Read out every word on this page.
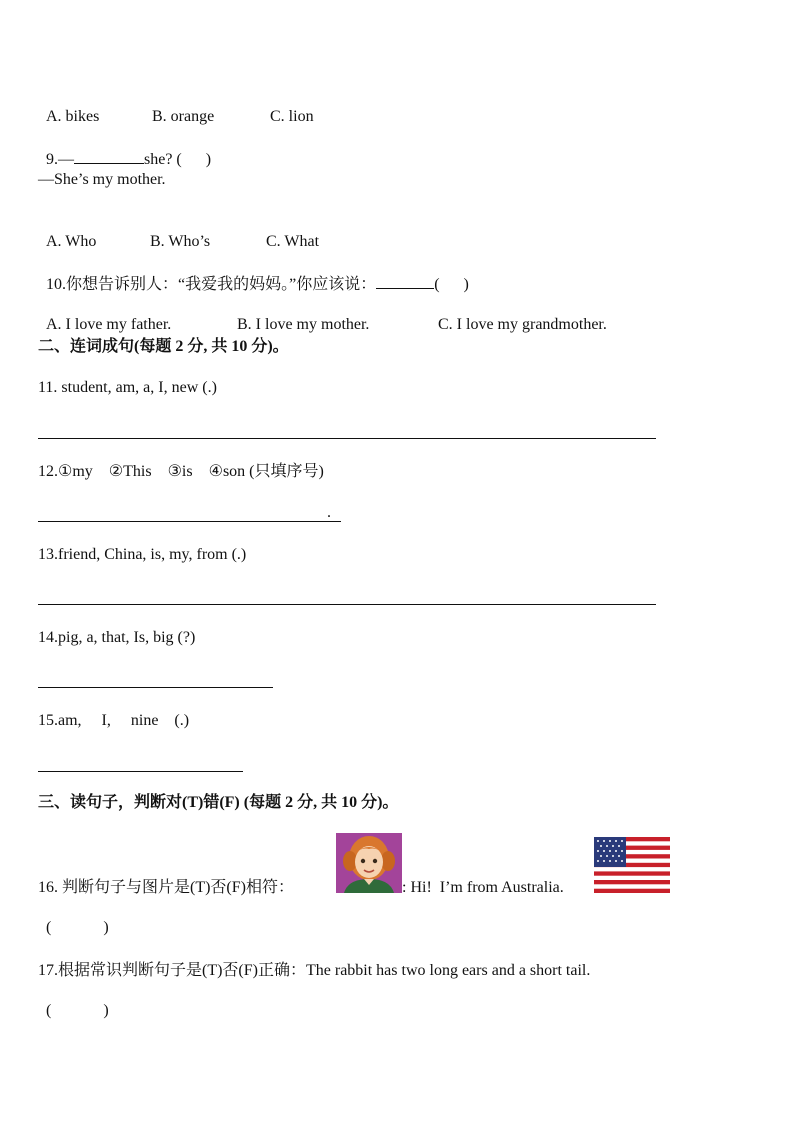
A. bikes	B. orange	C. lion

9.—	she? (      )

—She’s my mother.

A. Who	B. Who’s	C. What

10.你想告诉别人：“我爱我的妈妈。”你应该说：	(      )

A. I love my father.	B. I love my mother.	C. I love my grandmother.

二、连词成句(每题 2 分, 共 10 分)。
11. student, am, a, I, new (.)
12.①my    ②This    ③is    ④son (只填序号)
.
13.friend, China, is, my, from (.)
14.pig, a, that, Is, big (?)
15.am,     I,     nine    (.)
三、读句子，判断对(T)错(F) (每题 2 分, 共 10 分)。
16. 判断句子与图片是(T)否(F)相符：	: Hi!  I’m from Australia.
(             )
17.根据常识判断句子是(T)否(F)正确：The rabbit has two long ears and a short tail.
(             )
